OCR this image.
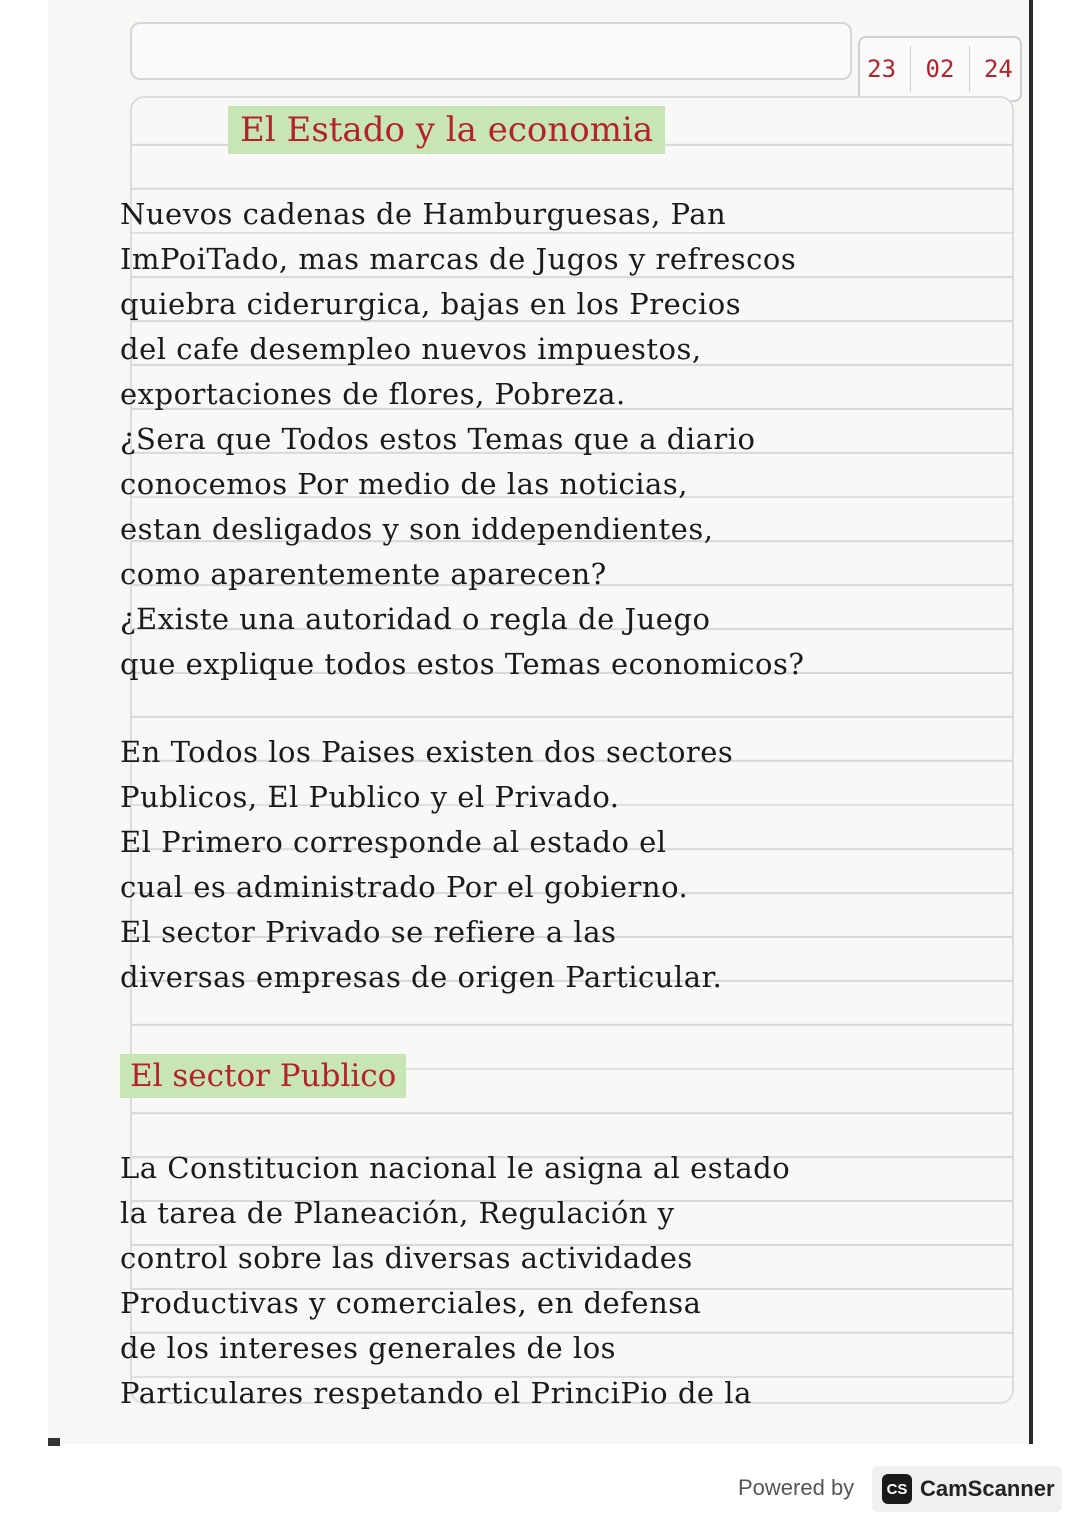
23 02 24
El Estado y la economia
Nuevos cadenas de Hamburguesas, Pan
ImPoiTado, mas marcas de Jugos y refrescos
quiebra ciderurgica, bajas en los Precios
del cafe desempleo nuevos impuestos,
exportaciones de flores, Pobreza.
¿Sera que Todos estos Temas que a diario
conocemos Por medio de las noticias,
estan desligados y son iddependientes,
como aparentemente aparecen?
¿Existe una autoridad o regla de Juego
que explique todos estos Temas economicos?
En Todos los Paises existen dos sectores
Publicos, El Publico y el Privado.
El Primero corresponde al estado el
cual es administrado Por el gobierno.
El sector Privado se refiere a las
diversas empresas de origen Particular.
El sector Publico
La Constitucion nacional le asigna al estado
la tarea de Planeación, Regulación y
control sobre las diversas actividades
Productivas y comerciales, en defensa
de los intereses generales de los
Particulares respetando el PrinciPio de la
Powered by	CS CamScanner
